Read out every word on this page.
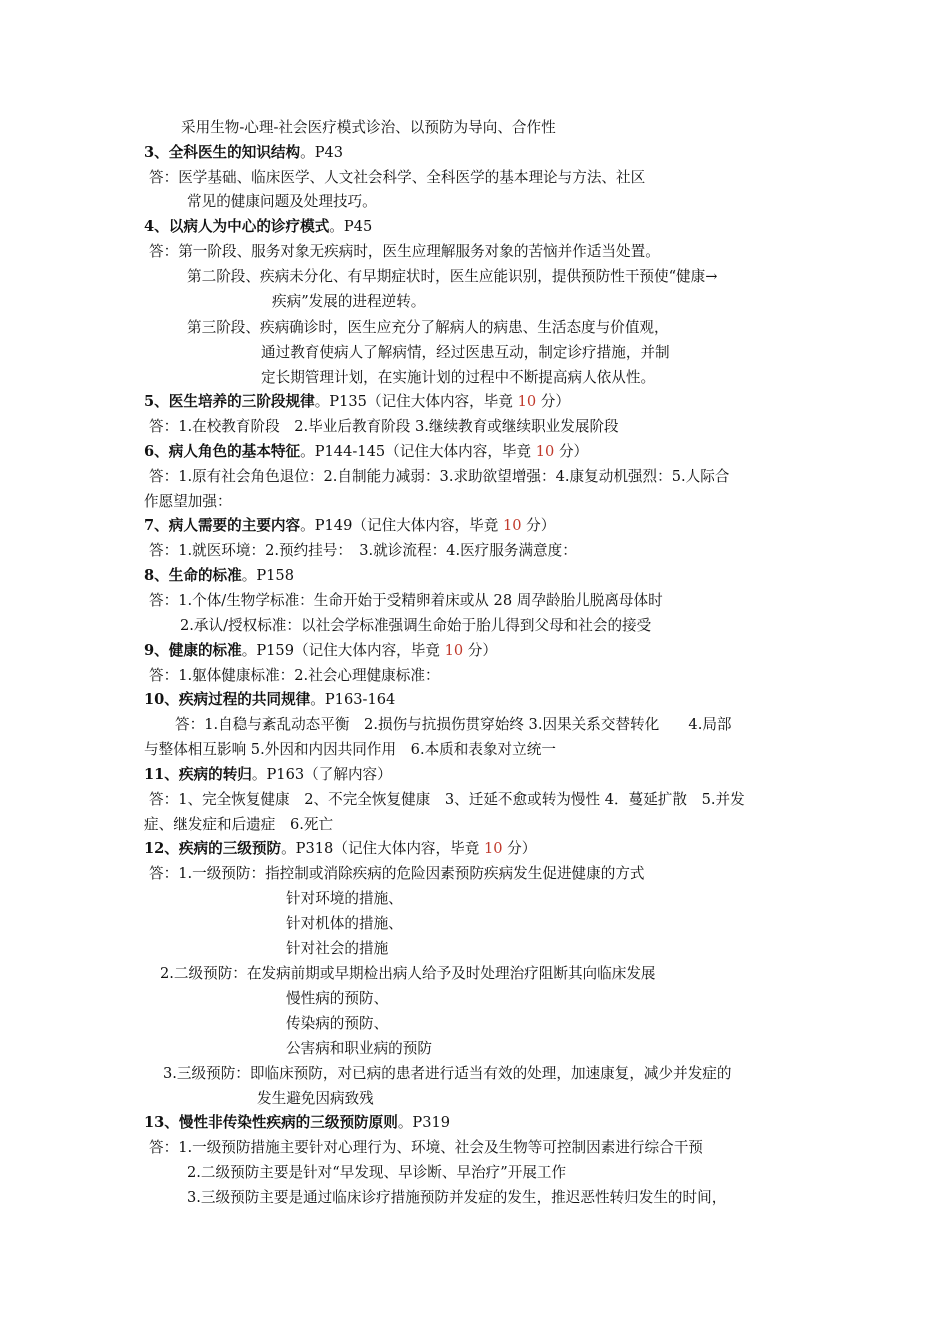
采用生物-心理-社会医疗模式诊治、以预防为导向、合作性
3、全科医生的知识结构。P43
答：医学基础、临床医学、人文社会科学、全科医学的基本理论与方法、社区
常见的健康问题及处理技巧。
4、以病人为中心的诊疗模式。P45
答：第一阶段、服务对象无疾病时，医生应理解服务对象的苦恼并作适当处置。
第二阶段、疾病未分化、有早期症状时，医生应能识别，提供预防性干预使“健康→
疾病”发展的进程逆转。
第三阶段、疾病确诊时，医生应充分了解病人的病患、生活态度与价值观，
通过教育使病人了解病情，经过医患互动，制定诊疗措施，并制
定长期管理计划，在实施计划的过程中不断提高病人依从性。
5、医生培养的三阶段规律。P135（记住大体内容，毕竟 10 分）
答：1.在校教育阶段　2.毕业后教育阶段 3.继续教育或继续职业发展阶段
6、病人角色的基本特征。P144-145（记住大体内容，毕竟 10 分）
答：1.原有社会角色退位：2.自制能力减弱：3.求助欲望增强：4.康复动机强烈：5.人际合
作愿望加强：
7、病人需要的主要内容。P149（记住大体内容，毕竟 10 分）
答：1.就医环境：2.预约挂号：　3.就诊流程：4.医疗服务满意度：
8、生命的标准。P158
答：1.个体/生物学标准：生命开始于受精卵着床或从 28 周孕龄胎儿脱离母体时
2.承认/授权标准：以社会学标准强调生命始于胎儿得到父母和社会的接受
9、健康的标准。P159（记住大体内容，毕竟 10 分）
答：1.躯体健康标准：2.社会心理健康标准：
10、疾病过程的共同规律。P163-164
答：1.自稳与紊乱动态平衡　2.损伤与抗损伤贯穿始终 3.因果关系交替转化　　4.局部
与整体相互影响 5.外因和内因共同作用　6.本质和表象对立统一
11、疾病的转归。P163（了解内容）
答：1、完全恢复健康　2、不完全恢复健康　3、迁延不愈或转为慢性 4．蔓延扩散　5.并发
症、继发症和后遗症　6.死亡
12、疾病的三级预防。P318（记住大体内容，毕竟 10 分）
答：1.一级预防：指控制或消除疾病的危险因素预防疾病发生促进健康的方式
针对环境的措施、
针对机体的措施、
针对社会的措施
2.二级预防：在发病前期或早期检出病人给予及时处理治疗阻断其向临床发展
慢性病的预防、
传染病的预防、
公害病和职业病的预防
3.三级预防：即临床预防，对已病的患者进行适当有效的处理，加速康复，减少并发症的
发生避免因病致残
13、慢性非传染性疾病的三级预防原则。P319
答：1.一级预防措施主要针对心理行为、环境、社会及生物等可控制因素进行综合干预
2.二级预防主要是针对“早发现、早诊断、早治疗”开展工作
3.三级预防主要是通过临床诊疗措施预防并发症的发生，推迟恶性转归发生的时间，
